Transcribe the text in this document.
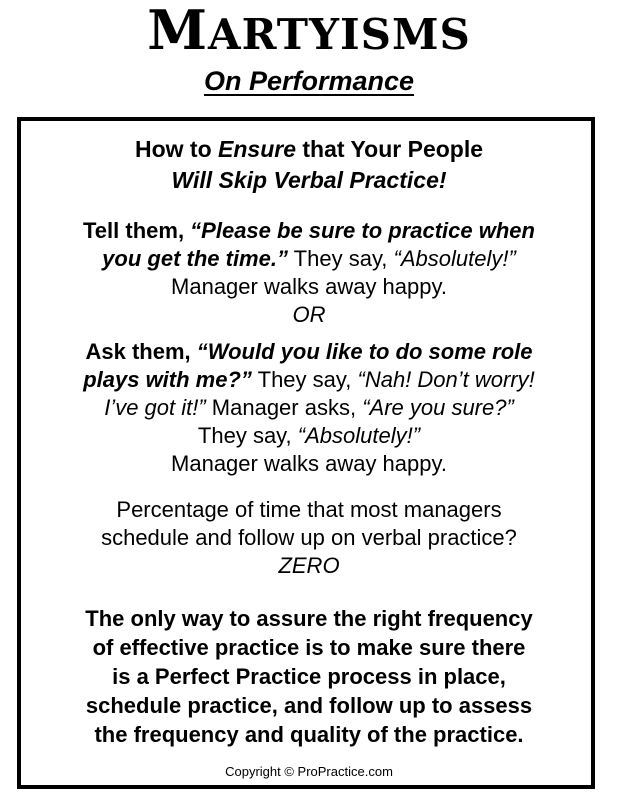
MARTYISMS
On Performance
How to Ensure that Your People
Will Skip Verbal Practice!
Tell them, “Please be sure to practice when
you get the time.” They say, “Absolutely!”
Manager walks away happy.
OR
Ask them, “Would you like to do some role
plays with me?” They say, “Nah! Don’t worry!
I’ve got it!” Manager asks, “Are you sure?”
They say, “Absolutely!”
Manager walks away happy.
Percentage of time that most managers
schedule and follow up on verbal practice?
ZERO
The only way to assure the right frequency
of effective practice is to make sure there
is a Perfect Practice process in place,
schedule practice, and follow up to assess
the frequency and quality of the practice.
Copyright © ProPractice.com
